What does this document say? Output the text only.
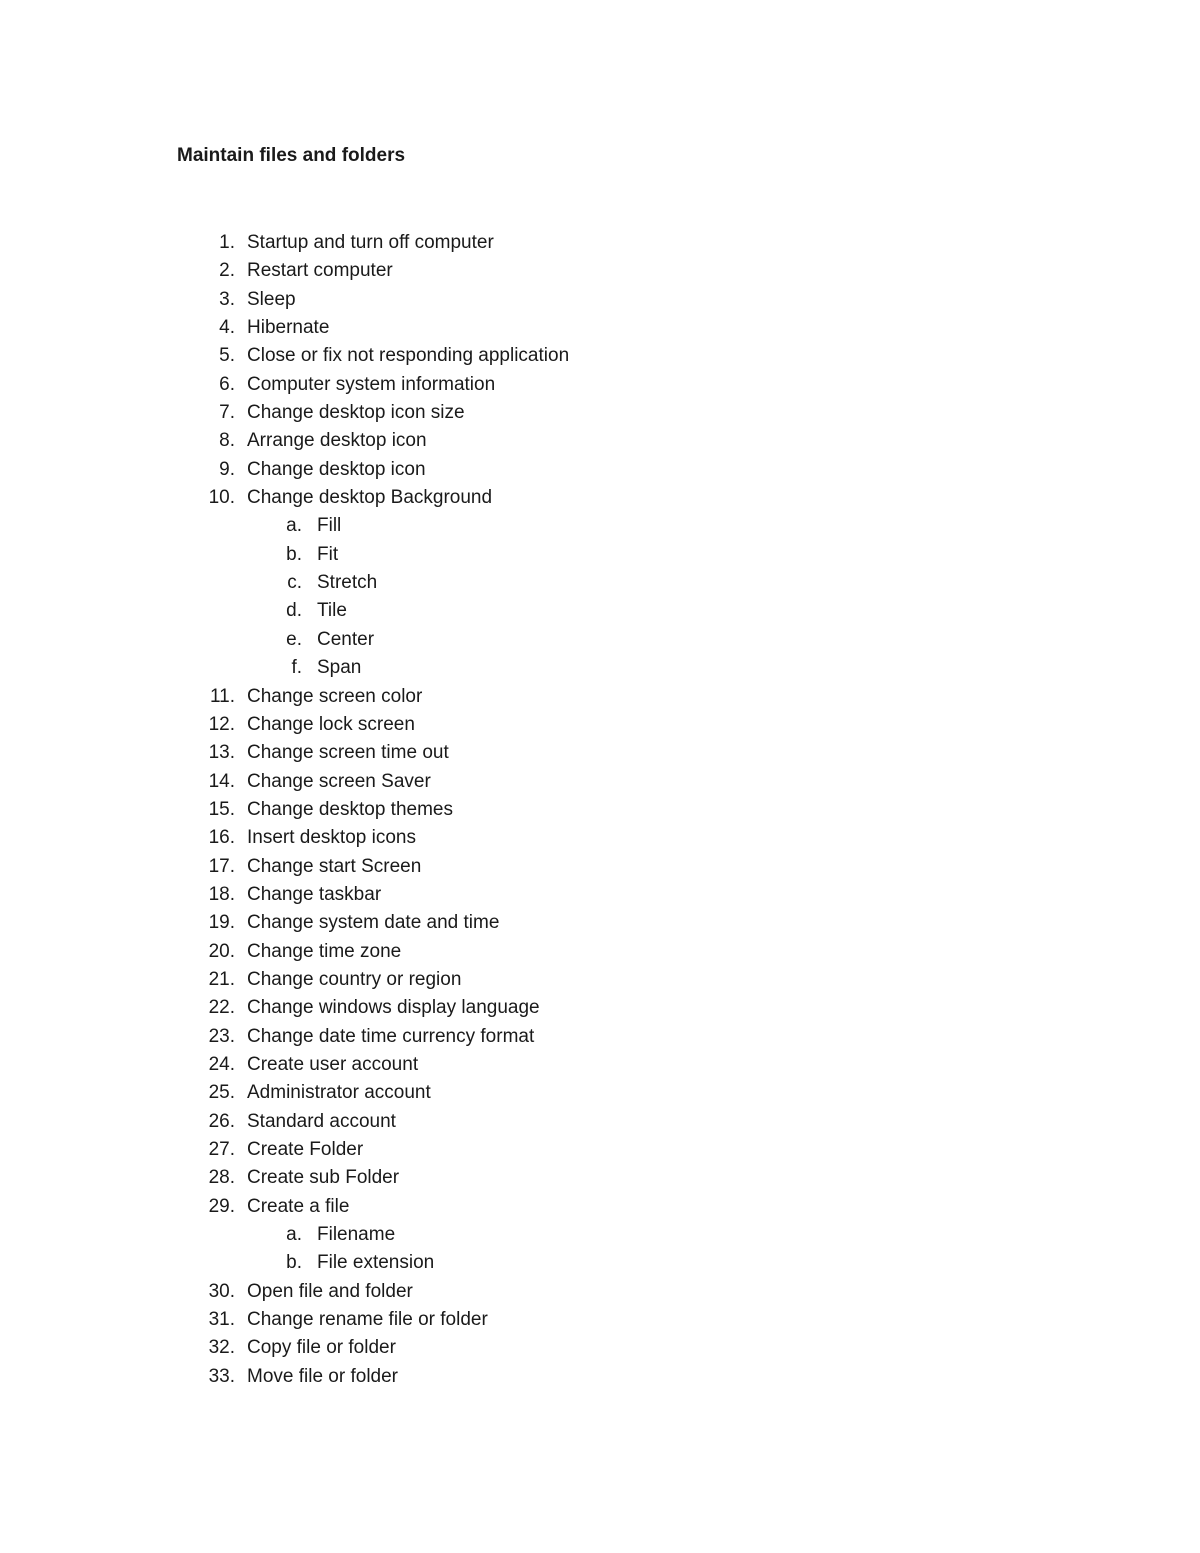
Maintain files and folders
1. Startup and turn off computer
2. Restart computer
3. Sleep
4. Hibernate
5. Close or fix not responding application
6. Computer system information
7. Change desktop icon size
8. Arrange desktop icon
9. Change desktop icon
10. Change desktop Background
a. Fill
b. Fit
c. Stretch
d. Tile
e. Center
f. Span
11. Change screen color
12. Change lock screen
13. Change screen time out
14. Change screen Saver
15. Change desktop themes
16. Insert desktop icons
17. Change start Screen
18. Change taskbar
19. Change system date and time
20. Change time zone
21. Change country or region
22. Change windows display language
23. Change date time currency format
24. Create user account
25. Administrator account
26. Standard account
27. Create Folder
28. Create sub Folder
29. Create a file
a. Filename
b. File extension
30. Open file and folder
31. Change rename file or folder
32. Copy file or folder
33. Move file or folder
